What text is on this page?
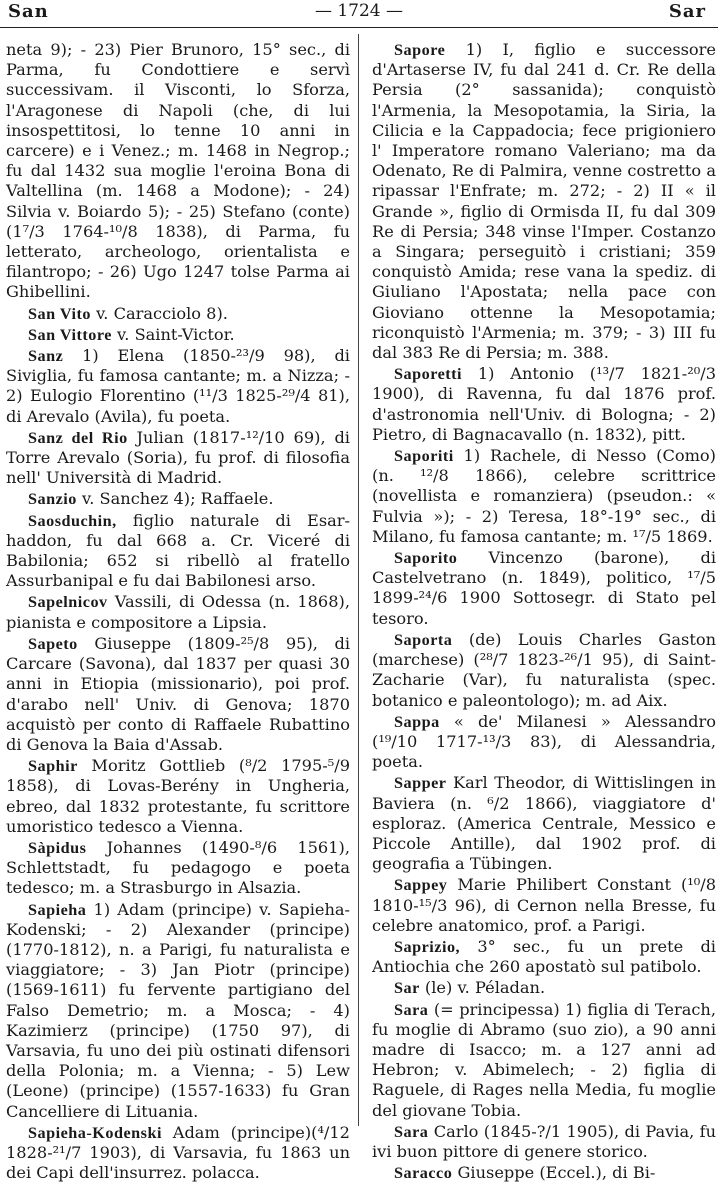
San	— 1724 —	Sar

neta 9); - 23) Pier Brunoro, 15° sec., di Parma, fu Condottiere e servì successivam. il Visconti, lo Sforza, l'Aragonese di Napoli (che, di lui insospettitosi, lo tenne 10 anni in carcere) e i Venez.; m. 1468 in Negrop.; fu dal 1432 sua moglie l'eroina Bona di Valtellina (m. 1468 a Modone); - 24) Silvia v. Boiardo 5); - 25) Stefano (conte) (1⁷/3 1764-¹⁰/8 1838), di Parma, fu letterato, archeologo, orientalista e filantropo; - 26) Ugo 1247 tolse Parma ai Ghibellini.

San Vito v. Caracciolo 8).

San Vittore v. Saint-Victor.

Sanz 1) Elena (1850-²³/9 98), di Siviglia, fu famosa cantante; m. a Nizza; - 2) Eulogio Florentino (¹¹/3 1825-²⁹/4 81), di Arevalo (Avila), fu poeta.

Sanz del Rio Julian (1817-¹²/10 69), di Torre Arevalo (Soria), fu prof. di filosofia nell' Università di Madrid.

Sanzio v. Sanchez 4); Raffaele.

Saosduchin, figlio naturale di Esar-haddon, fu dal 668 a. Cr. Viceré di Babilonia; 652 si ribellò al fratello Assurbanipal e fu dai Babilonesi arso.

Sapelnicov Vassili, di Odessa (n. 1868), pianista e compositore a Lipsia.

Sapeto Giuseppe (1809-²⁵/8 95), di Carcare (Savona), dal 1837 per quasi 30 anni in Etiopia (missionario), poi prof. d'arabo nell' Univ. di Genova; 1870 acquistò per conto di Raffaele Rubattino di Genova la Baia d'Assab.

Saphir Moritz Gottlieb (⁸/2 1795-⁵/9 1858), di Lovas-Berény in Ungheria, ebreo, dal 1832 protestante, fu scrittore umoristico tedesco a Vienna.

Sàpidus Johannes (1490-⁸/6 1561), Schlettstadt, fu pedagogo e poeta tedesco; m. a Strasburgo in Alsazia.

Sapieha 1) Adam (principe) v. Sapieha-Kodenski; - 2) Alexander (principe) (1770-1812), n. a Parigi, fu naturalista e viaggiatore; - 3) Jan Piotr (principe) (1569-1611) fu fervente partigiano del Falso Demetrio; m. a Mosca; - 4) Kazimierz (principe) (1750 97), di Varsavia, fu uno dei più ostinati difensori della Polonia; m. a Vienna; - 5) Lew (Leone) (principe) (1557-1633) fu Gran Cancelliere di Lituania.

Sapieha-Kodenski Adam (principe)(⁴/12 1828-²¹/7 1903), di Varsavia, fu 1863 un dei Capi dell'insurrez. polacca.

Sapore 1) I, figlio e successore d'Artaserse IV, fu dal 241 d. Cr. Re della Persia (2° sassanida); conquistò l'Armenia, la Mesopotamia, la Siria, la Cilicia e la Cappadocia; fece prigioniero l' Imperatore romano Valeriano; ma da Odenato, Re di Palmira, venne costretto a ripassar l'Enfrate; m. 272; - 2) II « il Grande », figlio di Ormisda II, fu dal 309 Re di Persia; 348 vinse l'Imper. Costanzo a Singara; perseguitò i cristiani; 359 conquistò Amida; rese vana la spediz. di Giuliano l'Apostata; nella pace con Gioviano ottenne la Mesopotamia; riconquistò l'Armenia; m. 379; - 3) III fu dal 383 Re di Persia; m. 388.

Saporetti 1) Antonio (¹³/7 1821-²⁰/3 1900), di Ravenna, fu dal 1876 prof. d'astronomia nell'Univ. di Bologna; - 2) Pietro, di Bagnacavallo (n. 1832), pitt.

Saporiti 1) Rachele, di Nesso (Como) (n. ¹²/8 1866), celebre scrittrice (novellista e romanziera) (pseudon.: « Fulvia »); - 2) Teresa, 18°-19° sec., di Milano, fu famosa cantante; m. ¹⁷/5 1869.

Saporito Vincenzo (barone), di Castelvetrano (n. 1849), politico, ¹⁷/5 1899-²⁴/6 1900 Sottosegr. di Stato pel tesoro.

Saporta (de) Louis Charles Gaston (marchese) (²⁸/7 1823-²⁶/1 95), di Saint-Zacharie (Var), fu naturalista (spec. botanico e paleontologo); m. ad Aix.

Sappa « de' Milanesi » Alessandro (¹⁹/10 1717-¹³/3 83), di Alessandria, poeta.

Sapper Karl Theodor, di Wittislingen in Baviera (n. ⁶/2 1866), viaggiatore d' esploraz. (America Centrale, Messico e Piccole Antille), dal 1902 prof. di geografia a Tübingen.

Sappey Marie Philibert Constant (¹⁰/8 1810-¹⁵/3 96), di Cernon nella Bresse, fu celebre anatomico, prof. a Parigi.

Saprizio, 3° sec., fu un prete di Antiochia che 260 apostatò sul patibolo.

Sar (le) v. Péladan.

Sara (= principessa) 1) figlia di Terach, fu moglie di Abramo (suo zio), a 90 anni madre di Isacco; m. a 127 anni ad Hebron; v. Abimelech; - 2) figlia di Raguele, di Rages nella Media, fu moglie del giovane Tobia.

Sara Carlo (1845-?/1 1905), di Pavia, fu ivi buon pittore di genere storico.

Saracco Giuseppe (Eccel.), di Bi-
